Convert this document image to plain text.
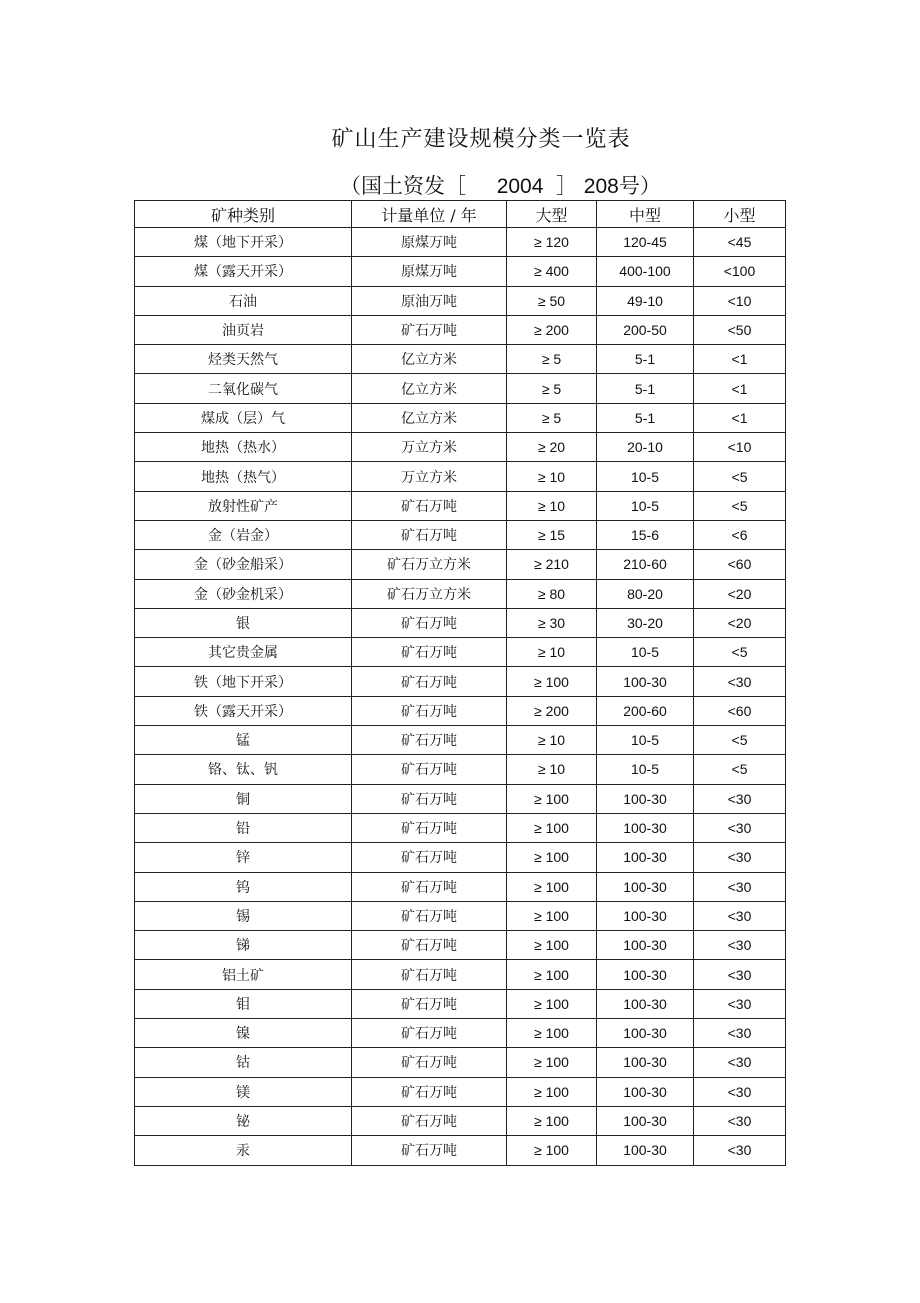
矿山生产建设规模分类一览表
（国土资发［ 2004 ］ 208号）
矿种类别	计量单位 / 年	大型	中型	小型
煤（地下开采）	原煤万吨	≥ 120	120-45	<45
煤（露天开采）	原煤万吨	≥ 400	400-100	<100
石油	原油万吨	≥ 50	49-10	<10
油页岩	矿石万吨	≥ 200	200-50	<50
烃类天然气	亿立方米	≥ 5	5-1	<1
二氧化碳气	亿立方米	≥ 5	5-1	<1
煤成（层）气	亿立方米	≥ 5	5-1	<1
地热（热水）	万立方米	≥ 20	20-10	<10
地热（热气）	万立方米	≥ 10	10-5	<5
放射性矿产	矿石万吨	≥ 10	10-5	<5
金（岩金）	矿石万吨	≥ 15	15-6	<6
金（砂金船采）	矿石万立方米	≥ 210	210-60	<60
金（砂金机采）	矿石万立方米	≥ 80	80-20	<20
银	矿石万吨	≥ 30	30-20	<20
其它贵金属	矿石万吨	≥ 10	10-5	<5
铁（地下开采）	矿石万吨	≥ 100	100-30	<30
铁（露天开采）	矿石万吨	≥ 200	200-60	<60
锰	矿石万吨	≥ 10	10-5	<5
铬、钛、钒	矿石万吨	≥ 10	10-5	<5
铜	矿石万吨	≥ 100	100-30	<30
铅	矿石万吨	≥ 100	100-30	<30
锌	矿石万吨	≥ 100	100-30	<30
钨	矿石万吨	≥ 100	100-30	<30
锡	矿石万吨	≥ 100	100-30	<30
锑	矿石万吨	≥ 100	100-30	<30
铝土矿	矿石万吨	≥ 100	100-30	<30
钼	矿石万吨	≥ 100	100-30	<30
镍	矿石万吨	≥ 100	100-30	<30
钴	矿石万吨	≥ 100	100-30	<30
镁	矿石万吨	≥ 100	100-30	<30
铋	矿石万吨	≥ 100	100-30	<30
汞	矿石万吨	≥ 100	100-30	<30
